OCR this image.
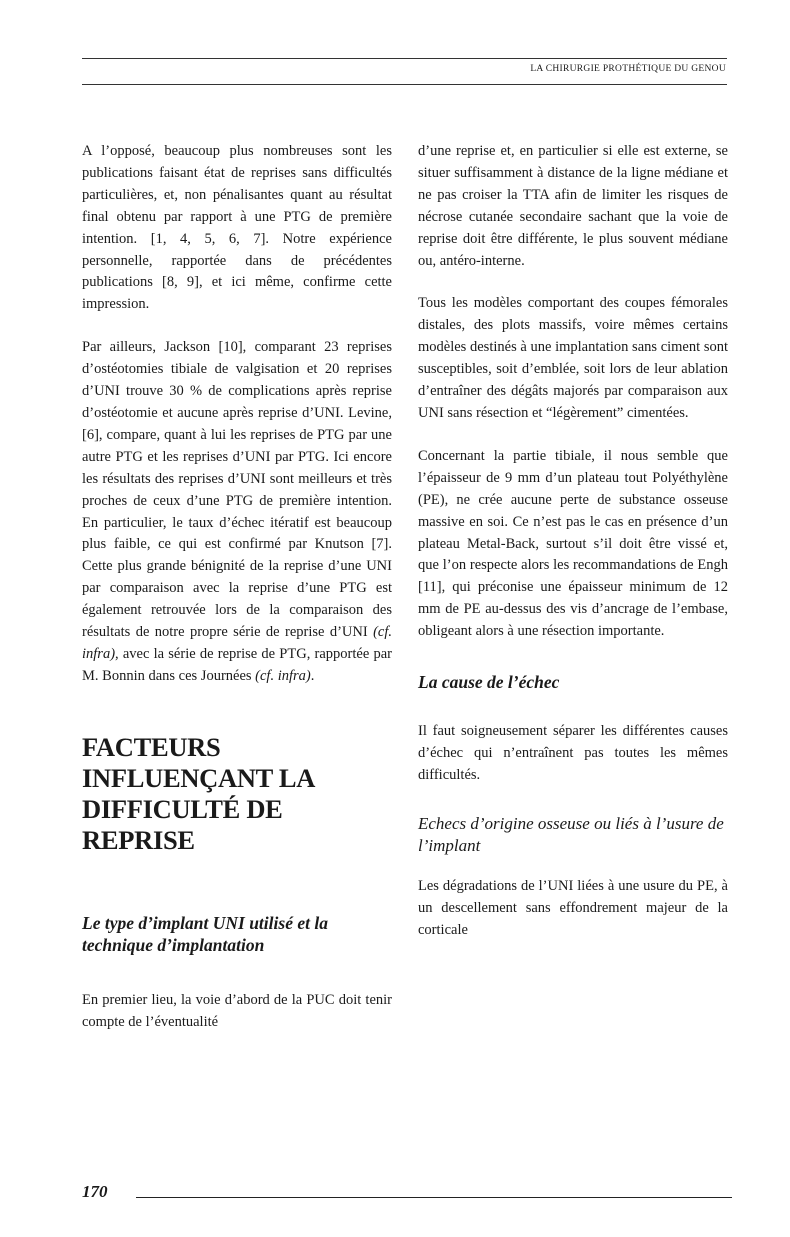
LA CHIRURGIE PROTHÉTIQUE DU GENOU

A l’opposé, beaucoup plus nombreuses sont les publications faisant état de reprises sans difficultés particulières, et, non pénalisantes quant au résultat final obtenu par rapport à une PTG de première intention. [1, 4, 5, 6, 7]. Notre expérience personnelle, rapportée dans de précédentes publications [8, 9], et ici même, confirme cette impression.

Par ailleurs, Jackson [10], comparant 23 reprises d’ostéotomies tibiale de valgisation et 20 reprises d’UNI trouve 30 % de complications après reprise d’ostéotomie et aucune après reprise d’UNI. Levine, [6], compare, quant à lui les reprises de PTG par une autre PTG et les reprises d’UNI par PTG. Ici encore les résultats des reprises d’UNI sont meilleurs et très proches de ceux d’une PTG de première intention. En particulier, le taux d’échec itératif est beaucoup plus faible, ce qui est confirmé par Knutson [7]. Cette plus grande bénignité de la reprise d’une UNI par comparaison avec la reprise d’une PTG est également retrouvée lors de la comparaison des résultats de notre propre série de reprise d’UNI (cf. infra), avec la série de reprise de PTG, rapportée par M. Bonnin dans ces Journées (cf. infra).

FACTEURS INFLUENÇANT LA DIFFICULTÉ DE REPRISE
Le type d’implant UNI utilisé et la technique d’implantation

En premier lieu, la voie d’abord de la PUC doit tenir compte de l’éventualité

d’une reprise et, en particulier si elle est externe, se situer suffisamment à distance de la ligne médiane et ne pas croiser la TTA afin de limiter les risques de nécrose cutanée secondaire sachant que la voie de reprise doit être différente, le plus souvent médiane ou, antéro-interne.

Tous les modèles comportant des coupes fémorales distales, des plots massifs, voire mêmes certains modèles destinés à une implantation sans ciment sont susceptibles, soit d’emblée, soit lors de leur ablation d’entraîner des dégâts majorés par comparaison aux UNI sans résection et “légèrement” cimentées.

Concernant la partie tibiale, il nous semble que l’épaisseur de 9 mm d’un plateau tout Polyéthylène (PE), ne crée aucune perte de substance osseuse massive en soi. Ce n’est pas le cas en présence d’un plateau Metal-Back, surtout s’il doit être vissé et, que l’on respecte alors les recommandations de Engh [11], qui préconise une épaisseur minimum de 12 mm de PE au-dessus des vis d’ancrage de l’embase, obligeant alors à une résection importante.

La cause de l’échec

Il faut soigneusement séparer les différentes causes d’échec qui n’entraînent pas toutes les mêmes difficultés.

Echecs d’origine osseuse ou liés à l’usure de l’implant

Les dégradations de l’UNI liées à une usure du PE, à un descellement sans effondrement majeur de la corticale

170
